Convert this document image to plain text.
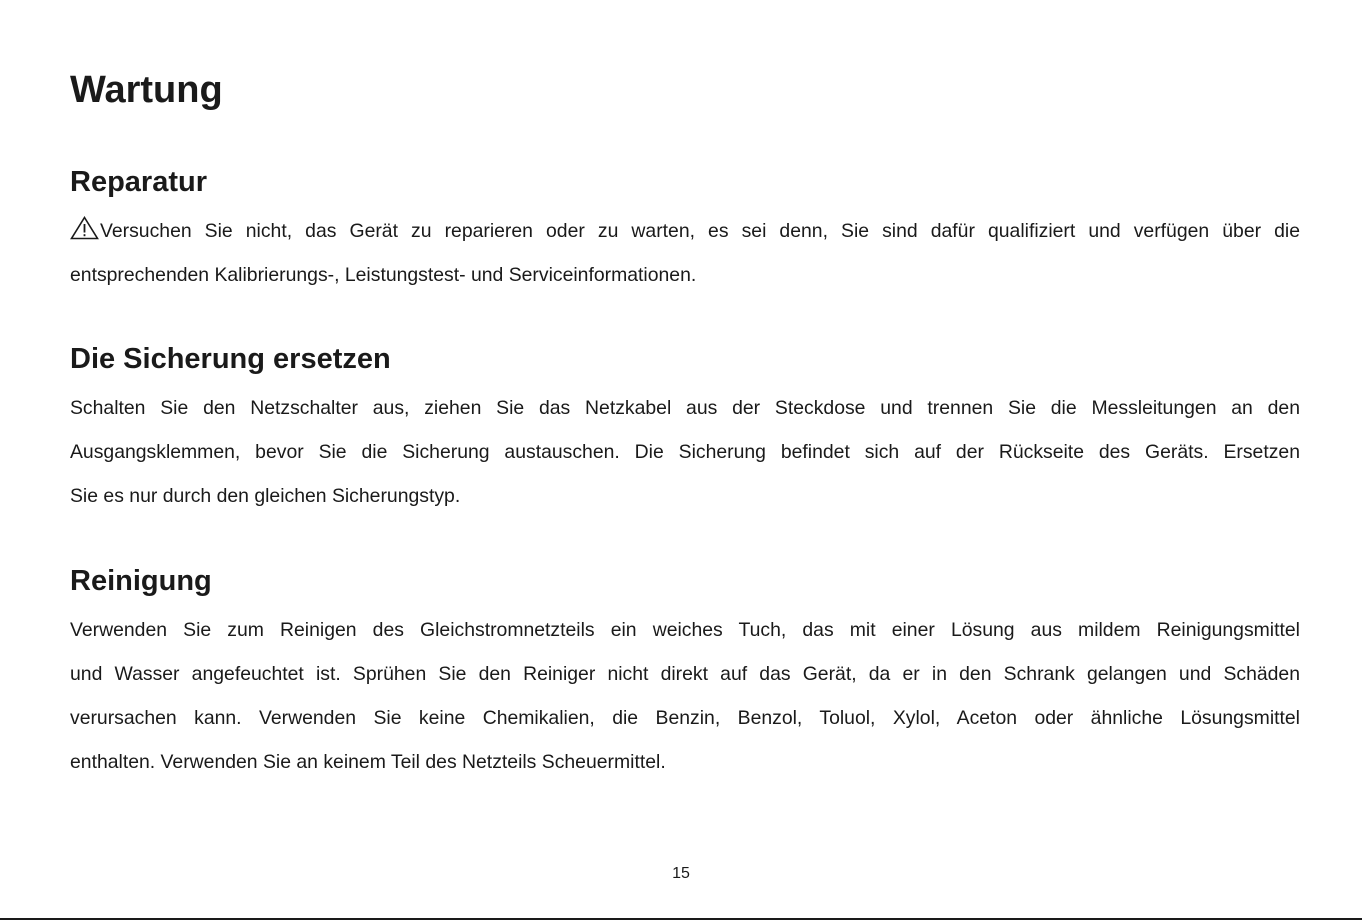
Wartung
Reparatur
Versuchen Sie nicht, das Gerät zu reparieren oder zu warten, es sei denn, Sie sind dafür qualifiziert und verfügen über die
entsprechenden Kalibrierungs-, Leistungstest- und Serviceinformationen.
Die Sicherung ersetzen
Schalten Sie den Netzschalter aus, ziehen Sie das Netzkabel aus der Steckdose und trennen Sie die Messleitungen an den
Ausgangsklemmen, bevor Sie die Sicherung austauschen. Die Sicherung befindet sich auf der Rückseite des Geräts. Ersetzen
Sie es nur durch den gleichen Sicherungstyp.
Reinigung
Verwenden Sie zum Reinigen des Gleichstromnetzteils ein weiches Tuch, das mit einer Lösung aus mildem Reinigungsmittel
und Wasser angefeuchtet ist. Sprühen Sie den Reiniger nicht direkt auf das Gerät, da er in den Schrank gelangen und Schäden
verursachen kann. Verwenden Sie keine Chemikalien, die Benzin, Benzol, Toluol, Xylol, Aceton oder ähnliche Lösungsmittel
enthalten. Verwenden Sie an keinem Teil des Netzteils Scheuermittel.
15
